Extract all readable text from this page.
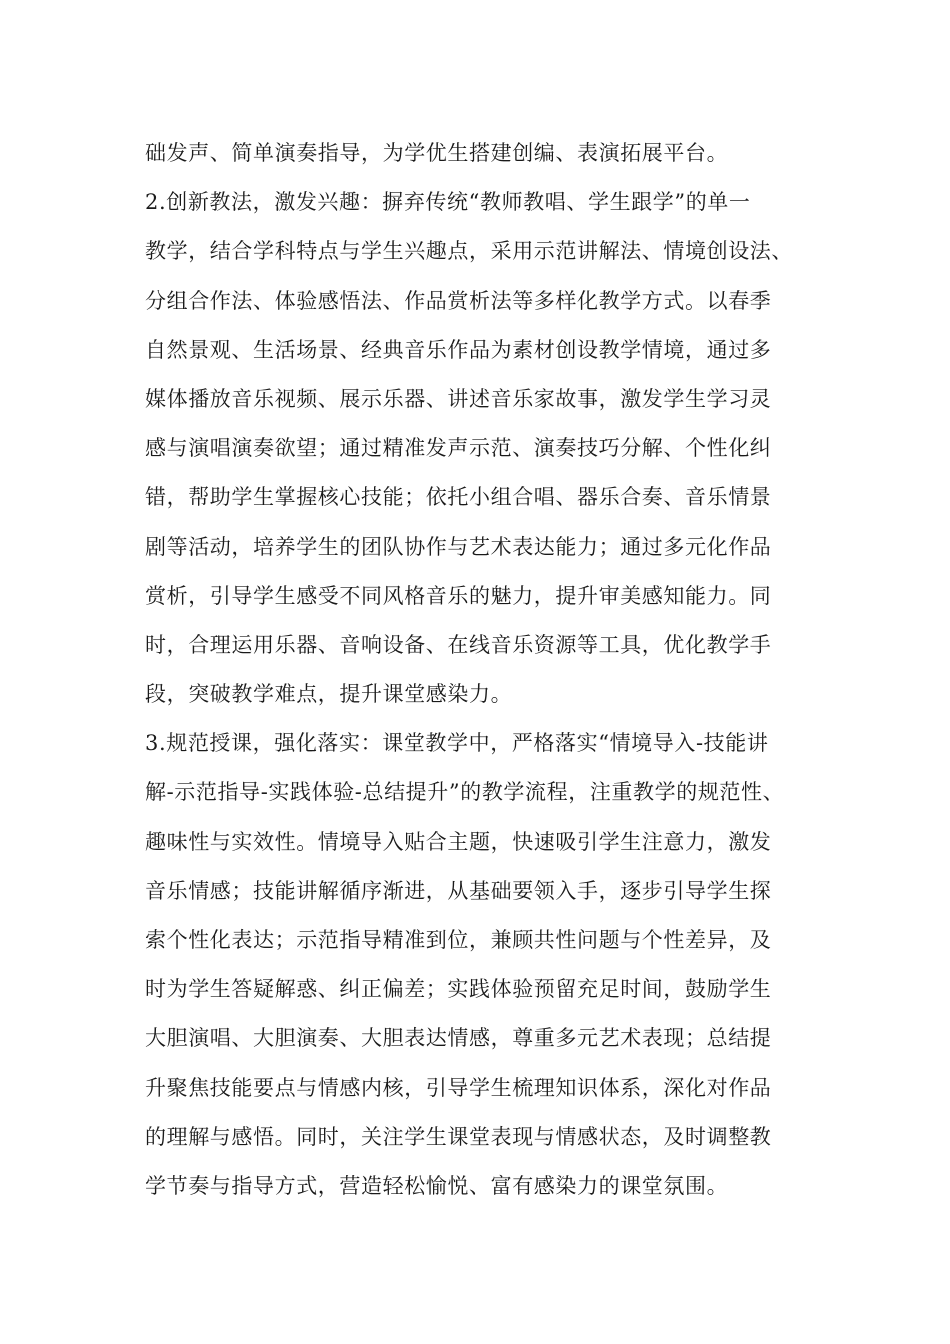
础发声、简单演奏指导，为学优生搭建创编、表演拓展平台。
2.创新教法，激发兴趣：摒弃传统“教师教唱、学生跟学”的单一
教学，结合学科特点与学生兴趣点，采用示范讲解法、情境创设法、
分组合作法、体验感悟法、作品赏析法等多样化教学方式。以春季
自然景观、生活场景、经典音乐作品为素材创设教学情境，通过多
媒体播放音乐视频、展示乐器、讲述音乐家故事，激发学生学习灵
感与演唱演奏欲望；通过精准发声示范、演奏技巧分解、个性化纠
错，帮助学生掌握核心技能；依托小组合唱、器乐合奏、音乐情景
剧等活动，培养学生的团队协作与艺术表达能力；通过多元化作品
赏析，引导学生感受不同风格音乐的魅力，提升审美感知能力。同
时，合理运用乐器、音响设备、在线音乐资源等工具，优化教学手
段，突破教学难点，提升课堂感染力。
3.规范授课，强化落实：课堂教学中，严格落实“情境导入-技能讲
解-示范指导-实践体验-总结提升”的教学流程，注重教学的规范性、
趣味性与实效性。情境导入贴合主题，快速吸引学生注意力，激发
音乐情感；技能讲解循序渐进，从基础要领入手，逐步引导学生探
索个性化表达；示范指导精准到位，兼顾共性问题与个性差异，及
时为学生答疑解惑、纠正偏差；实践体验预留充足时间，鼓励学生
大胆演唱、大胆演奏、大胆表达情感，尊重多元艺术表现；总结提
升聚焦技能要点与情感内核，引导学生梳理知识体系，深化对作品
的理解与感悟。同时，关注学生课堂表现与情感状态，及时调整教
学节奏与指导方式，营造轻松愉悦、富有感染力的课堂氛围。
